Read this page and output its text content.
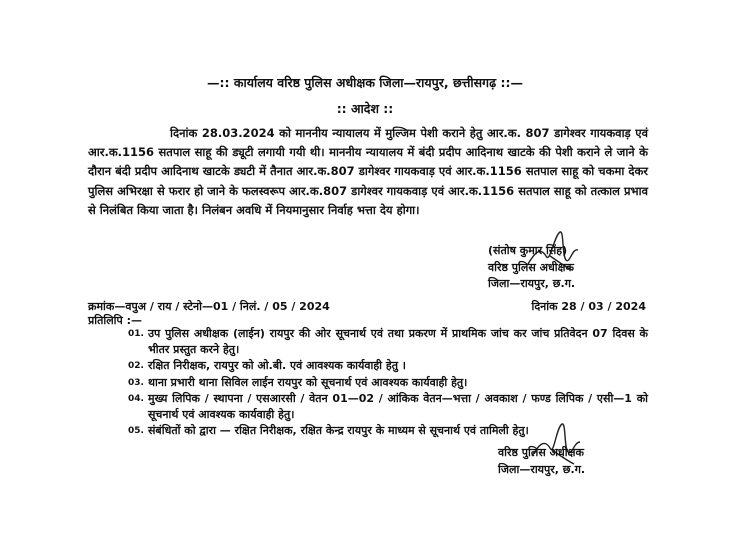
—:: कार्यालय वरिष्ठ पुलिस अधीक्षक जिला—रायपुर, छत्तीसगढ़ ::—
:: आदेश ::
दिनांक 28.03.2024 को माननीय न्यायालय में मुल्जिम पेशी कराने हेतु आर.क. 807 डागेश्वर गायकवाड़ एवं आर.क.1156 सतपाल साहू की ड्यूटी लगायी गयी थी। माननीय न्यायालय में बंदी प्रदीप आदिनाथ खाटके की पेशी कराने ले जाने के दौरान बंदी प्रदीप आदिनाथ खाटके ड्यटी में तैनात आर.क.807 डागेश्वर गायकवाड़ एवं आर.क.1156 सतपाल साहू को चकमा देकर पुलिस अभिरक्षा से फरार हो जाने के फलस्वरूप आर.क.807 डागेश्वर गायकवाड़ एवं आर.क.1156 सतपाल साहू को तत्काल प्रभाव से निलंबित किया जाता है। निलंबन अवधि में नियमानुसार निर्वाह भत्ता देय होगा।
(संतोष कुमार सिंह)
वरिष्ठ पुलिस अधीक्षक
जिला—रायपुर, छ.ग.
क्रमांक—वपुअ / राय / स्टेनो—01 / निलं. / 05 / 2024	दिनांक 28 / 03 / 2024
प्रतिलिपि :—
01. उप पुलिस अधीक्षक (लाईन) रायपुर की ओर सूचनार्थ एवं तथा प्रकरण में प्राथमिक जांच कर जांच प्रतिवेदन 07 दिवस के भीतर प्रस्तुत करने हेतु।
02. रक्षित निरीक्षक, रायपुर को ओ.बी. एवं आवश्यक कार्यवाही हेतु ।
03. थाना प्रभारी थाना सिविल लाईन रायपुर को सूचनार्थ एवं आवश्यक कार्यवाही हेतु।
04. मुख्य लिपिक / स्थापना / एसआरसी / वेतन 01—02 / आंकिक वेतन—भत्ता / अवकाश / फण्ड लिपिक / एसी—1 को सूचनार्थ एवं आवश्यक कार्यवाही हेतु।
05. संबंधितों को द्वारा — रक्षित निरीक्षक, रक्षित केन्द्र रायपुर के माध्यम से सूचनार्थ एवं तामिली हेतु।
वरिष्ठ पुलिस अधीक्षक
जिला—रायपुर, छ.ग.
